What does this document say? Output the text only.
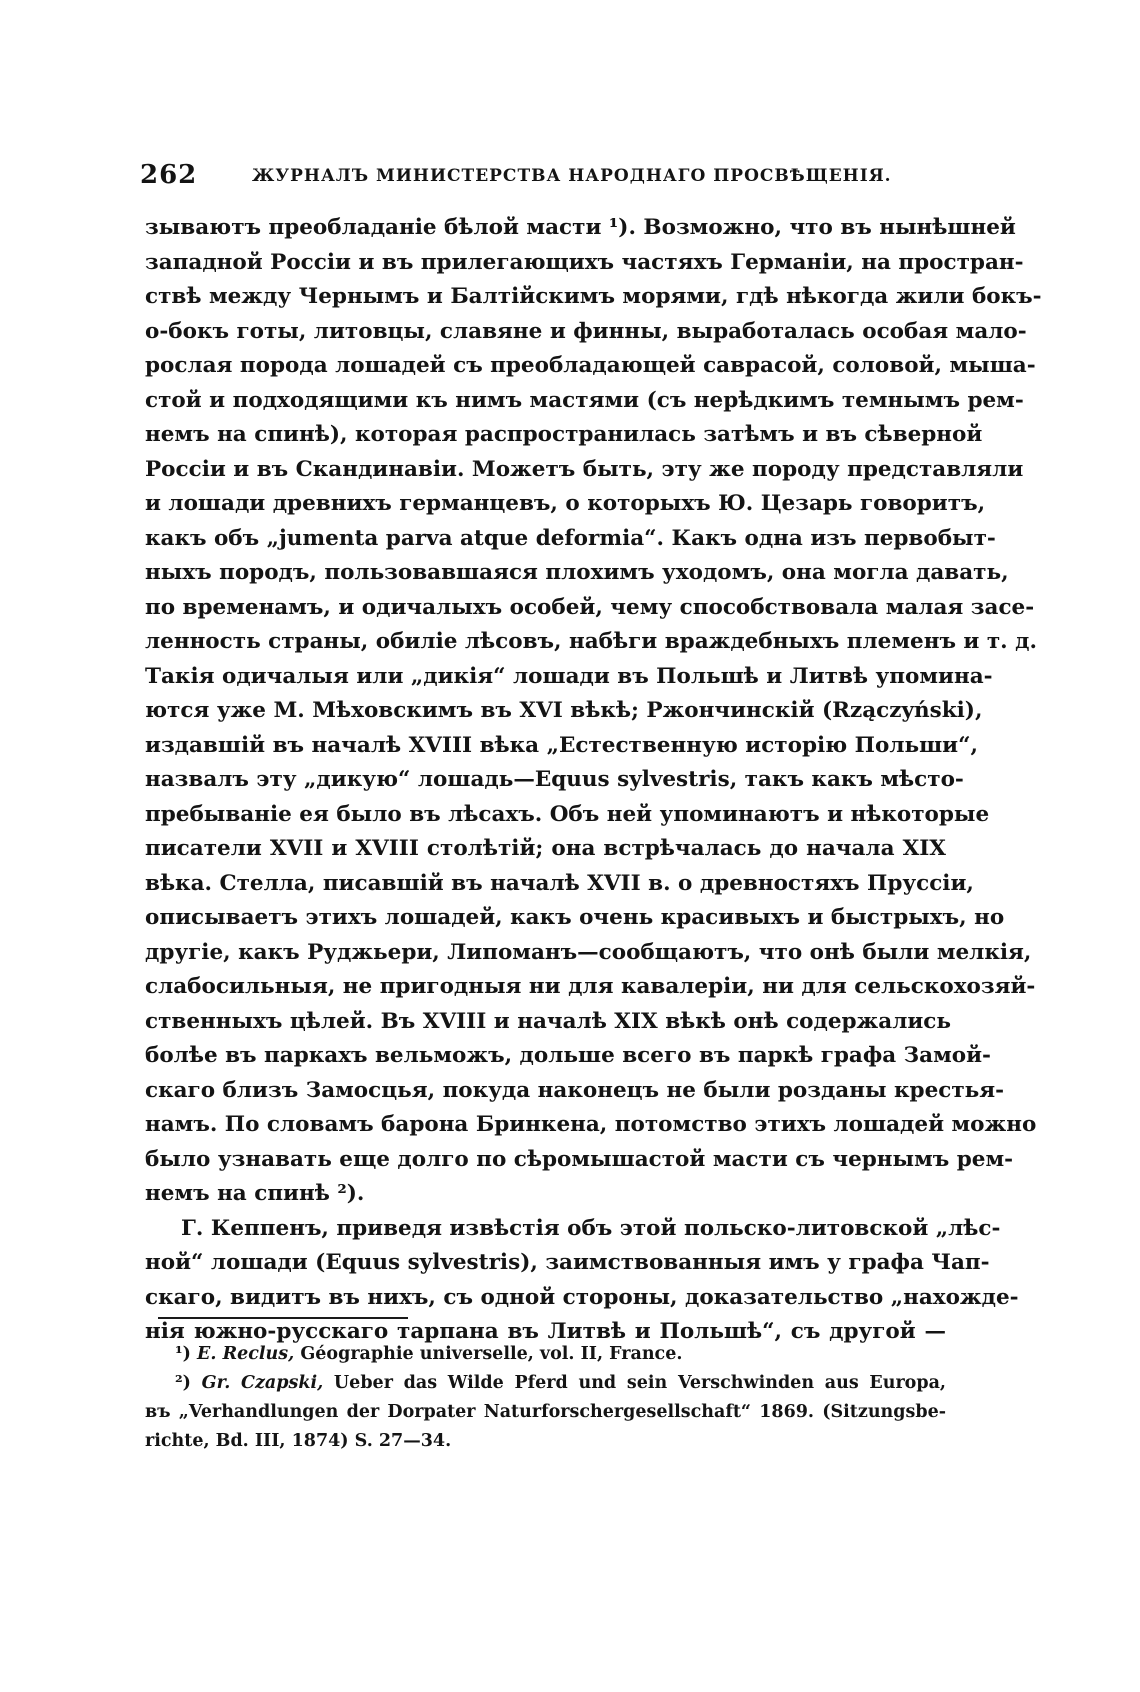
262	ЖУРНАЛЪ МИНИСТЕРСТВА НАРОДНАГО ПРОСВѢЩЕНІЯ.
зываютъ преобладаніе бѣлой масти ¹). Возможно, что въ нынѣшней
западной Россіи и въ прилегающихъ частяхъ Германіи, на простран-
ствѣ между Чернымъ и Балтійскимъ морями, гдѣ нѣкогда жили бокъ-
о-бокъ готы, литовцы, славяне и финны, выработалась особая мало-
рослая порода лошадей съ преобладающей саврасой, соловой, мыша-
стой и подходящими къ нимъ мастями (съ нерѣдкимъ темнымъ рем-
немъ на спинѣ), которая распространилась затѣмъ и въ сѣверной
Россіи и въ Скандинавіи. Можетъ быть, эту же породу представляли
и лошади древнихъ германцевъ, о которыхъ Ю. Цезарь говоритъ,
какъ объ „jumenta parva atque deformia“. Какъ одна изъ первобыт-
ныхъ породъ, пользовавшаяся плохимъ уходомъ, она могла давать,
по временамъ, и одичалыхъ особей, чему способствовала малая засе-
ленность страны, обиліе лѣсовъ, набѣги враждебныхъ племенъ и т. д.
Такія одичалыя или „дикія“ лошади въ Польшѣ и Литвѣ упомина-
ются уже М. Мѣховскимъ въ XVI вѣкѣ; Ржончинскій (Rząсzyński),
издавшій въ началѣ XVIII вѣка „Естественную исторію Польши“,
назвалъ эту „дикую“ лошадь—Equus sylvestris, такъ какъ мѣсто-
пребываніе ея было въ лѣсахъ. Объ ней упоминаютъ и нѣкоторые
писатели XVII и XVIII столѣтій; она встрѣчалась до начала XIX
вѣка. Стелла, писавшій въ началѣ XVII в. о древностяхъ Пруссіи,
описываетъ этихъ лошадей, какъ очень красивыхъ и быстрыхъ, но
другіе, какъ Руджьери, Липоманъ—сообщаютъ, что онѣ были мелкія,
слабосильныя, не пригодныя ни для кавалеріи, ни для сельскохозяй-
ственныхъ цѣлей. Въ XVIII и началѣ XIX вѣкѣ онѣ содержались
болѣе въ паркахъ вельможъ, дольше всего въ паркѣ графа Замой-
скаго близъ Замосцья, покуда наконецъ не были розданы крестья-
намъ. По словамъ барона Бринкена, потомство этихъ лошадей можно
было узнавать еще долго по сѣромышастой масти съ чернымъ рем-
немъ на спинѣ ²).
Г. Кеппенъ, приведя извѣстія объ этой польско-литовской „лѣс-
ной“ лошади (Equus sylvestris), заимствованныя имъ у графа Чап-
скаго, видитъ въ нихъ, съ одной стороны, доказательство „нахожде-
нія южно-русскаго тарпана въ Литвѣ и Польшѣ“, съ другой —
¹) E. Reclus, Géographie universelle, vol. II, France.
²) Gr. Czapski, Ueber das Wilde Pferd und sein Verschwinden aus Europa,
въ „Verhandlungen der Dorpater Naturforschergesellschaft“ 1869. (Sitzungsbe-
richte, Bd. III, 1874) S. 27—34.
